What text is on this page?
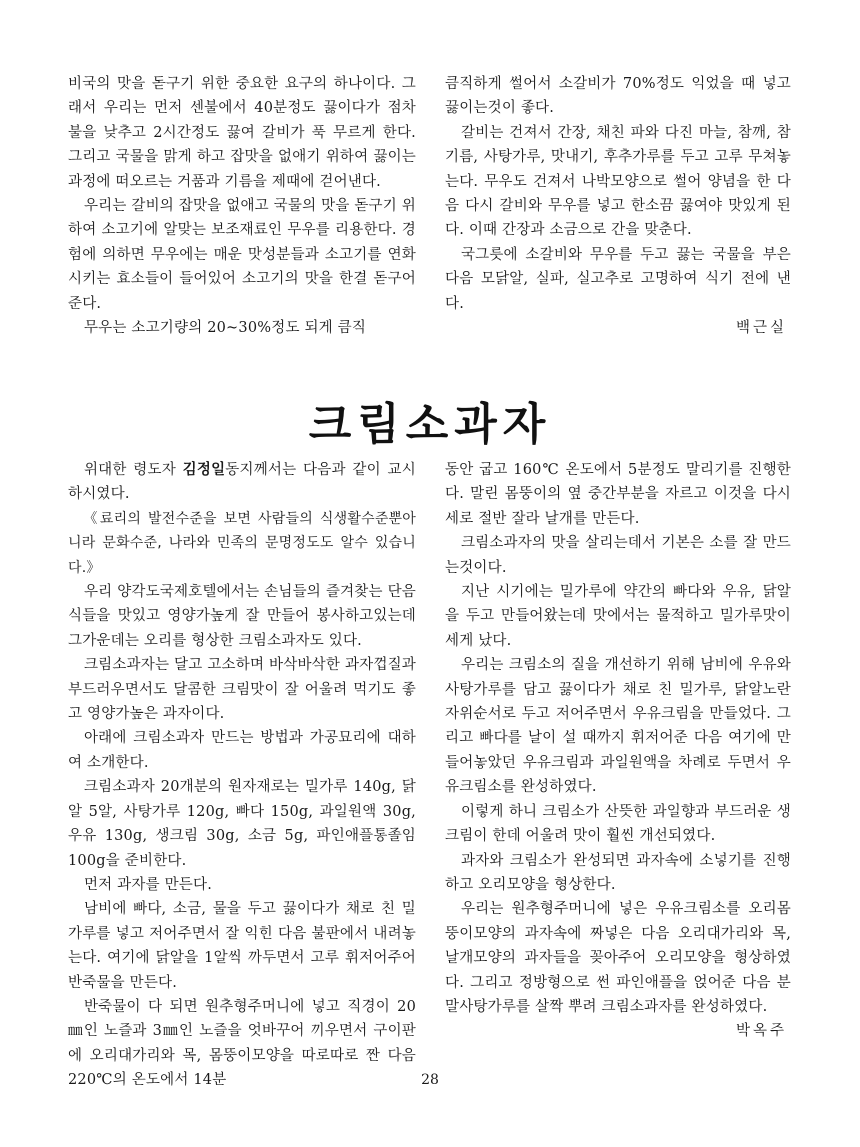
비국의 맛을 돋구기 위한 중요한 요구의 하나이다. 그래서 우리는 먼저 센불에서 40분정도 끓이다가 점차 불을 낮추고 2시간정도 끓여 갈비가 푹 무르게 한다. 그리고 국물을 맑게 하고 잡맛을 없애기 위하여 끓이는 과정에 떠오르는 거품과 기름을 제때에 걷어낸다.

우리는 갈비의 잡맛을 없애고 국물의 맛을 돋구기 위하여 소고기에 알맞는 보조재료인 무우를 리용한다. 경험에 의하면 무우에는 매운 맛성분들과 소고기를 연화시키는 효소들이 들어있어 소고기의 맛을 한결 돋구어준다.

무우는 소고기량의 20~30%정도 되게 큼직

큼직하게 썰어서 소갈비가 70%정도 익었을 때 넣고 끓이는것이 좋다.

갈비는 건져서 간장, 채친 파와 다진 마늘, 참깨, 참기름, 사탕가루, 맛내기, 후추가루를 두고 고루 무쳐놓는다. 무우도 건져서 나박모양으로 썰어 양념을 한 다음 다시 갈비와 무우를 넣고 한소끔 끓여야 맛있게 된다. 이때 간장과 소금으로 간을 맞춘다.

국그릇에 소갈비와 무우를 두고 끓는 국물을 부은 다음 모닭알, 실파, 실고추로 고명하여 식기 전에 낸다.

백근실
크림소과자

위대한 령도자 김정일동지께서는 다음과 같이 교시하시였다.

《료리의 발전수준을 보면 사람들의 식생활수준뿐아니라 문화수준, 나라와 민족의 문명정도도 알수 있습니다.》

우리 양각도국제호텔에서는 손님들의 즐겨찾는 단음식들을 맛있고 영양가높게 잘 만들어 봉사하고있는데 그가운데는 오리를 형상한 크림소과자도 있다.

크림소과자는 달고 고소하며 바삭바삭한 과자껍질과 부드러우면서도 달콤한 크림맛이 잘 어울려 먹기도 좋고 영양가높은 과자이다.

아래에 크림소과자 만드는 방법과 가공묘리에 대하여 소개한다.

크림소과자 20개분의 원자재로는 밀가루 140g, 닭알 5알, 사탕가루 120g, 빠다 150g, 과일원액 30g, 우유 130g, 생크림 30g, 소금 5g, 파인애플통졸임 100g을 준비한다.

먼저 과자를 만든다.

남비에 빠다, 소금, 물을 두고 끓이다가 채로 친 밀가루를 넣고 저어주면서 잘 익힌 다음 불판에서 내려놓는다. 여기에 닭알을 1알씩 까두면서 고루 휘저어주어 반죽물을 만든다.

반죽물이 다 되면 원추형주머니에 넣고 직경이 20㎜인 노즐과 3㎜인 노즐을 엇바꾸어 끼우면서 구이판에 오리대가리와 목, 몸뚱이모양을 따로따로 짠 다음 220℃의 온도에서 14분

동안 굽고 160℃ 온도에서 5분정도 말리기를 진행한다. 말린 몸뚱이의 옆 중간부분을 자르고 이것을 다시 세로 절반 잘라 날개를 만든다.

크림소과자의 맛을 살리는데서 기본은 소를 잘 만드는것이다.

지난 시기에는 밀가루에 약간의 빠다와 우유, 닭알을 두고 만들어왔는데 맛에서는 물적하고 밀가루맛이 세게 났다.

우리는 크림소의 질을 개선하기 위해 남비에 우유와 사탕가루를 담고 끓이다가 채로 친 밀가루, 닭알노란자위순서로 두고 저어주면서 우유크림을 만들었다. 그리고 빠다를 날이 설 때까지 휘저어준 다음 여기에 만들어놓았던 우유크림과 과일원액을 차례로 두면서 우유크림소를 완성하였다.

이렇게 하니 크림소가 산뜻한 과일향과 부드러운 생크림이 한데 어울려 맛이 훨씬 개선되였다.

과자와 크림소가 완성되면 과자속에 소넣기를 진행하고 오리모양을 형상한다.

우리는 원추형주머니에 넣은 우유크림소를 오리몸뚱이모양의 과자속에 짜넣은 다음 오리대가리와 목, 날개모양의 과자들을 꽂아주어 오리모양을 형상하였다. 그리고 정방형으로 썬 파인애플을 얹어준 다음 분말사탕가루를 살짝 뿌려 크림소과자를 완성하였다.

박옥주
28
